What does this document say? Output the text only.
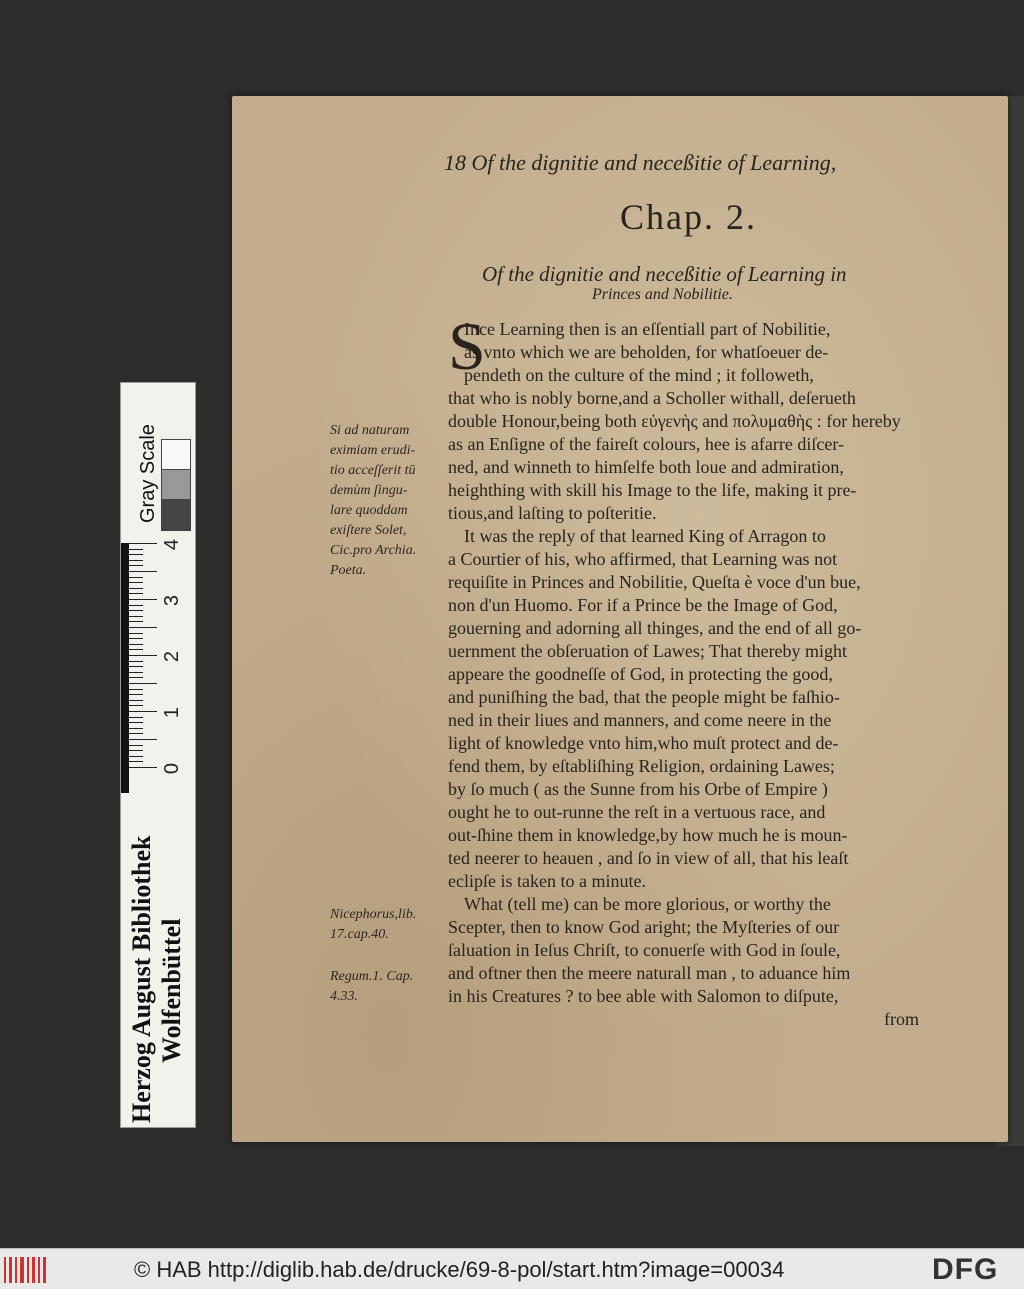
18 Of the dignitie and neceßitie of Learning,
Chap. 2.
Of the dignitie and neceßitie of Learning in
Princes and Nobilitie.
S
Ince Learning then is an eſſentiall part of Nobilitie,
as vnto which we are beholden, for whatſoeuer de-
pendeth on the culture of the mind ; it followeth,
that who is nobly borne,and a Scholler withall, deſerueth
double Honour,being both εὐγενὴς and πολυμαθὴς : for hereby
as an Enſigne of the faireſt colours, hee is afarre diſcer-
ned, and winneth to himſelfe both loue and admiration,
heighthing with skill his Image to the life, making it pre-
tious,and laſting to poſteritie.
It was the reply of that learned King of Arragon to
a Courtier of his, who affirmed, that Learning was not
requiſite in Princes and Nobilitie, Queſta è voce d'un bue,
non d'un Huomo. For if a Prince be the Image of God,
gouerning and adorning all thinges, and the end of all go-
uernment the obſeruation of Lawes; That thereby might
appeare the goodneſſe of God, in protecting the good,
and puniſhing the bad, that the people might be faſhio-
ned in their liues and manners, and come neere in the
light of knowledge vnto him,who muſt protect and de-
fend them, by eſtabliſhing Religion, ordaining Lawes;
by ſo much ( as the Sunne from his Orbe of Empire )
ought he to out-runne the reſt in a vertuous race, and
out-ſhine them in knowledge,by how much he is moun-
ted neerer to heauen , and ſo in view of all, that his leaſt
eclipſe is taken to a minute.
What (tell me) can be more glorious, or worthy the
Scepter, then to know God aright; the Myſteries of our
ſaluation in Ieſus Chriſt, to conuerſe with God in ſoule,
and oftner then the meere naturall man , to aduance him
in his Creatures ? to bee able with Salomon to diſpute,
from
Si ad naturam
eximiam erudi-
tio acceſſerit tū
demùm ſingu-
lare quoddam
exiſtere Solet,
Cic.pro Archia.
Poeta.
Nicephorus,lib.
17.cap.40.
Regum.1. Cap.
4.33.
Herzog August Bibliothek Wolfenbüttel
Gray Scale
4
3
2
1
0
© HAB http://diglib.hab.de/drucke/69-8-pol/start.htm?image=00034	DFG
